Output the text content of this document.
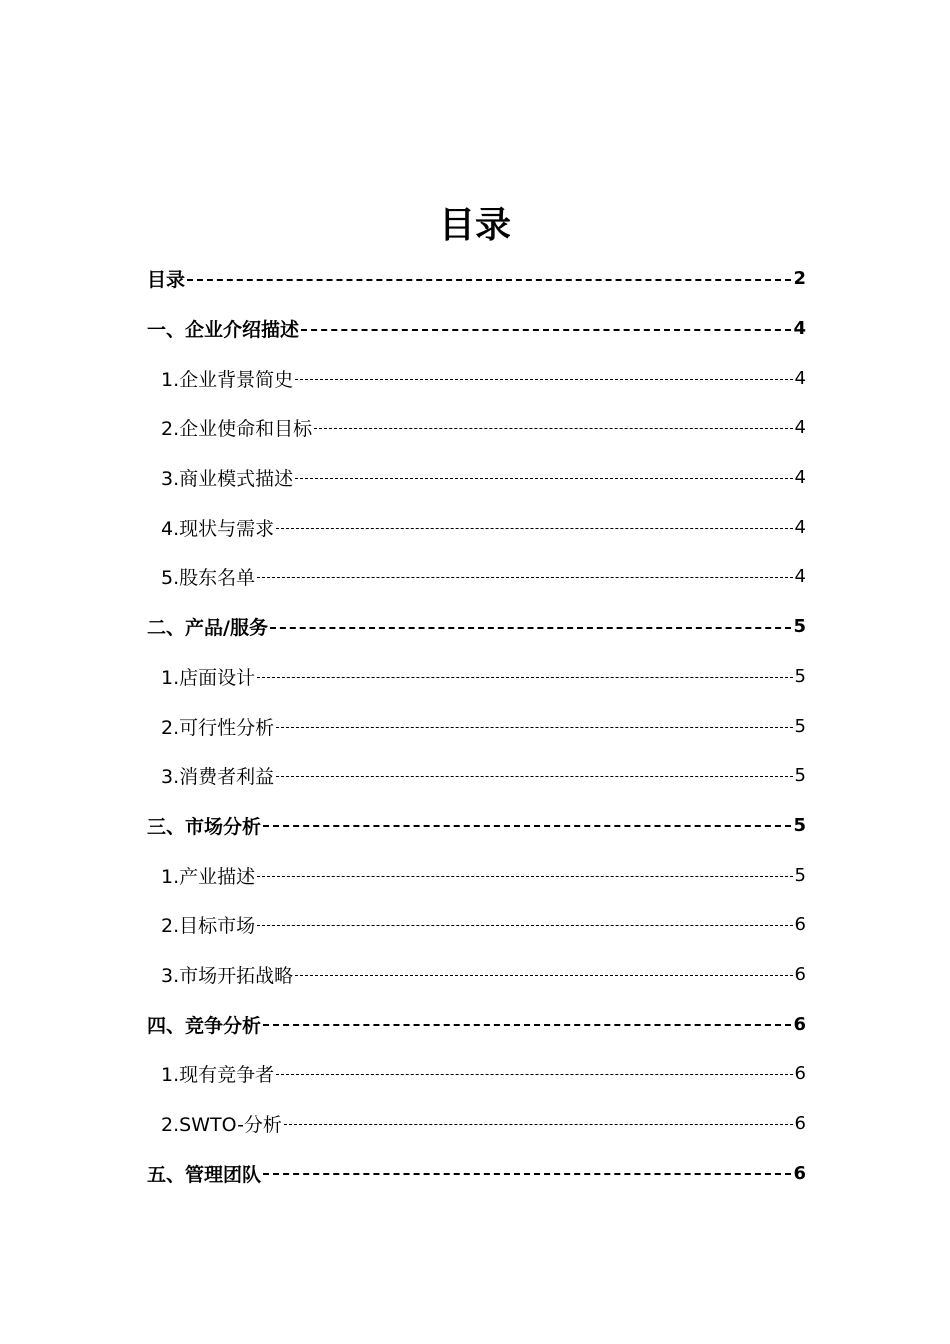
目录
目录	2
一、企业介绍描述	4
1.企业背景简史	4
2.企业使命和目标	4
3.商业模式描述	4
4.现状与需求	4
5.股东名单	4
二、产品/服务	5
1.店面设计	5
2.可行性分析	5
3.消费者利益	5
三、市场分析	5
1.产业描述	5
2.目标市场	6
3.市场开拓战略	6
四、竞争分析	6
1.现有竞争者	6
2.SWTO-分析	6
五、管理团队	6
